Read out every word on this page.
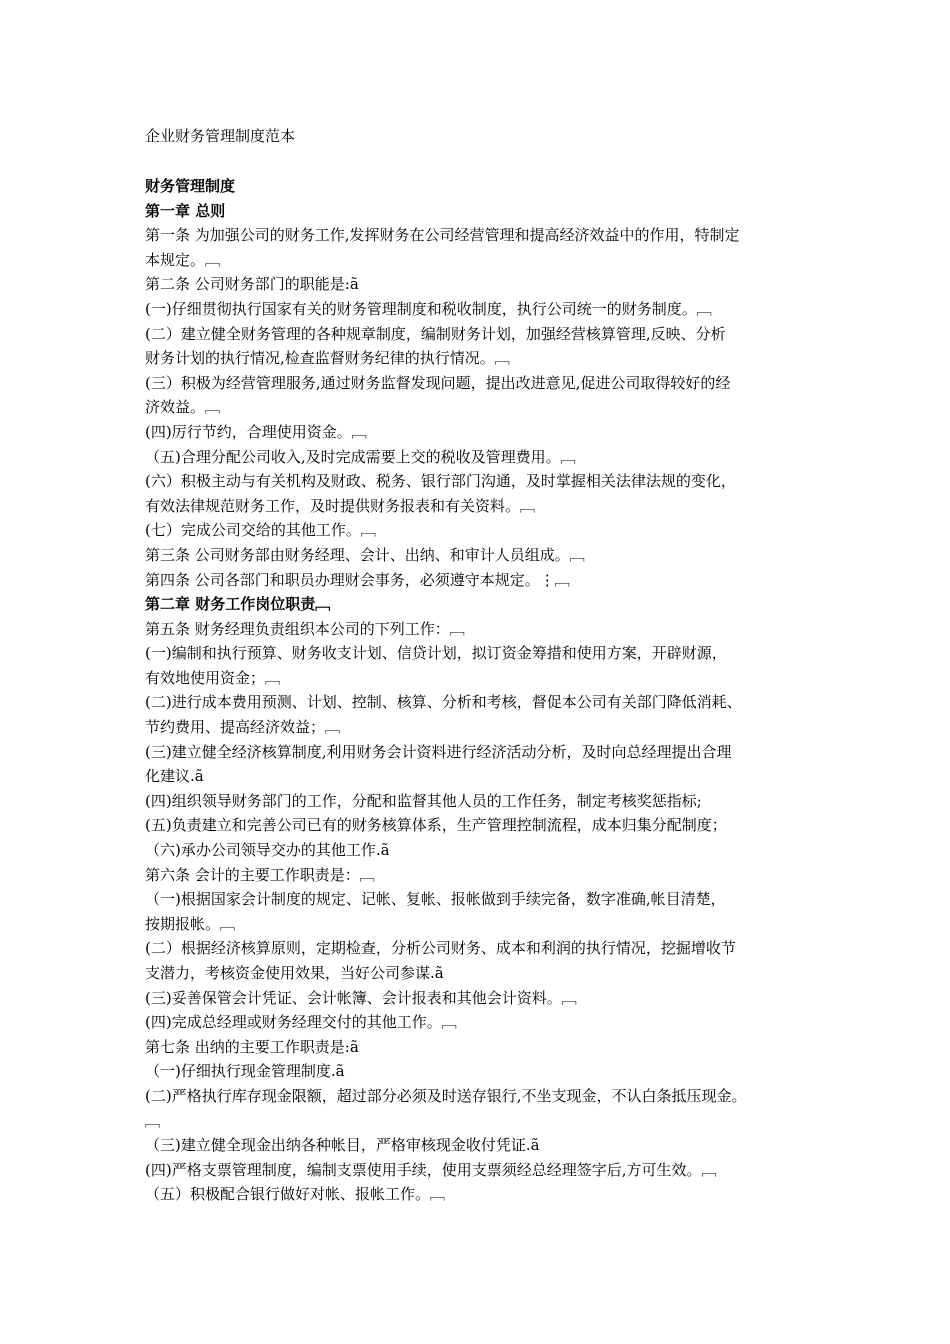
企业财务管理制度范本
财务管理制度
第一章 总则
第一条 为加强公司的财务工作,发挥财务在公司经营管理和提高经济效益中的作用，特制定
本规定。﹇
第二条 公司财务部门的职能是:ã
(一)仔细贯彻执行国家有关的财务管理制度和税收制度，执行公司统一的财务制度。﹇
(二）建立健全财务管理的各种规章制度，编制财务计划，加强经营核算管理,反映、分析
财务计划的执行情况,检查监督财务纪律的执行情况。﹇
(三）积极为经营管理服务,通过财务监督发现问题，提出改进意见,促进公司取得较好的经
济效益。﹇
(四)厉行节约，合理使用资金。﹇
（五)合理分配公司收入,及时完成需要上交的税收及管理费用。﹇
(六）积极主动与有关机构及财政、税务、银行部门沟通，及时掌握相关法律法规的变化，
有效法律规范财务工作，及时提供财务报表和有关资料。﹇
(七）完成公司交给的其他工作。﹇
第三条 公司财务部由财务经理、会计、出纳、和审计人员组成。﹇
第四条 公司各部门和职员办理财会事务，必须遵守本规定。⋮﹇
第二章 财务工作岗位职责﹇
第五条 财务经理负责组织本公司的下列工作：﹇
(一)编制和执行预算、财务收支计划、信贷计划，拟订资金筹措和使用方案，开辟财源，
有效地使用资金；﹇
(二)进行成本费用预测、计划、控制、核算、分析和考核，督促本公司有关部门降低消耗、
节约费用、提高经济效益；﹇
(三)建立健全经济核算制度,利用财务会计资料进行经济活动分析，及时向总经理提出合理
化建议.ã
(四)组织领导财务部门的工作，分配和监督其他人员的工作任务，制定考核奖惩指标;
(五)负责建立和完善公司已有的财务核算体系，生产管理控制流程，成本归集分配制度；
（六)承办公司领导交办的其他工作.ã
第六条 会计的主要工作职责是：﹇
（一)根据国家会计制度的规定、记帐、复帐、报帐做到手续完备，数字准确,帐目清楚，
按期报帐。﹇
(二）根据经济核算原则，定期检查，分析公司财务、成本和利润的执行情况，挖掘增收节
支潜力，考核资金使用效果，当好公司参谋.ã
(三)妥善保管会计凭证、会计帐簿、会计报表和其他会计资料。﹇
(四)完成总经理或财务经理交付的其他工作。﹇
第七条 出纳的主要工作职责是:ã
（一)仔细执行现金管理制度.ã
(二)严格执行库存现金限额，超过部分必须及时送存银行,不坐支现金，不认白条抵压现金。
﹇
（三)建立健全现金出纳各种帐目，严格审核现金收付凭证.ã
(四)严格支票管理制度，编制支票使用手续，使用支票须经总经理签字后,方可生效。﹇
（五）积极配合银行做好对帐、报帐工作。﹇
